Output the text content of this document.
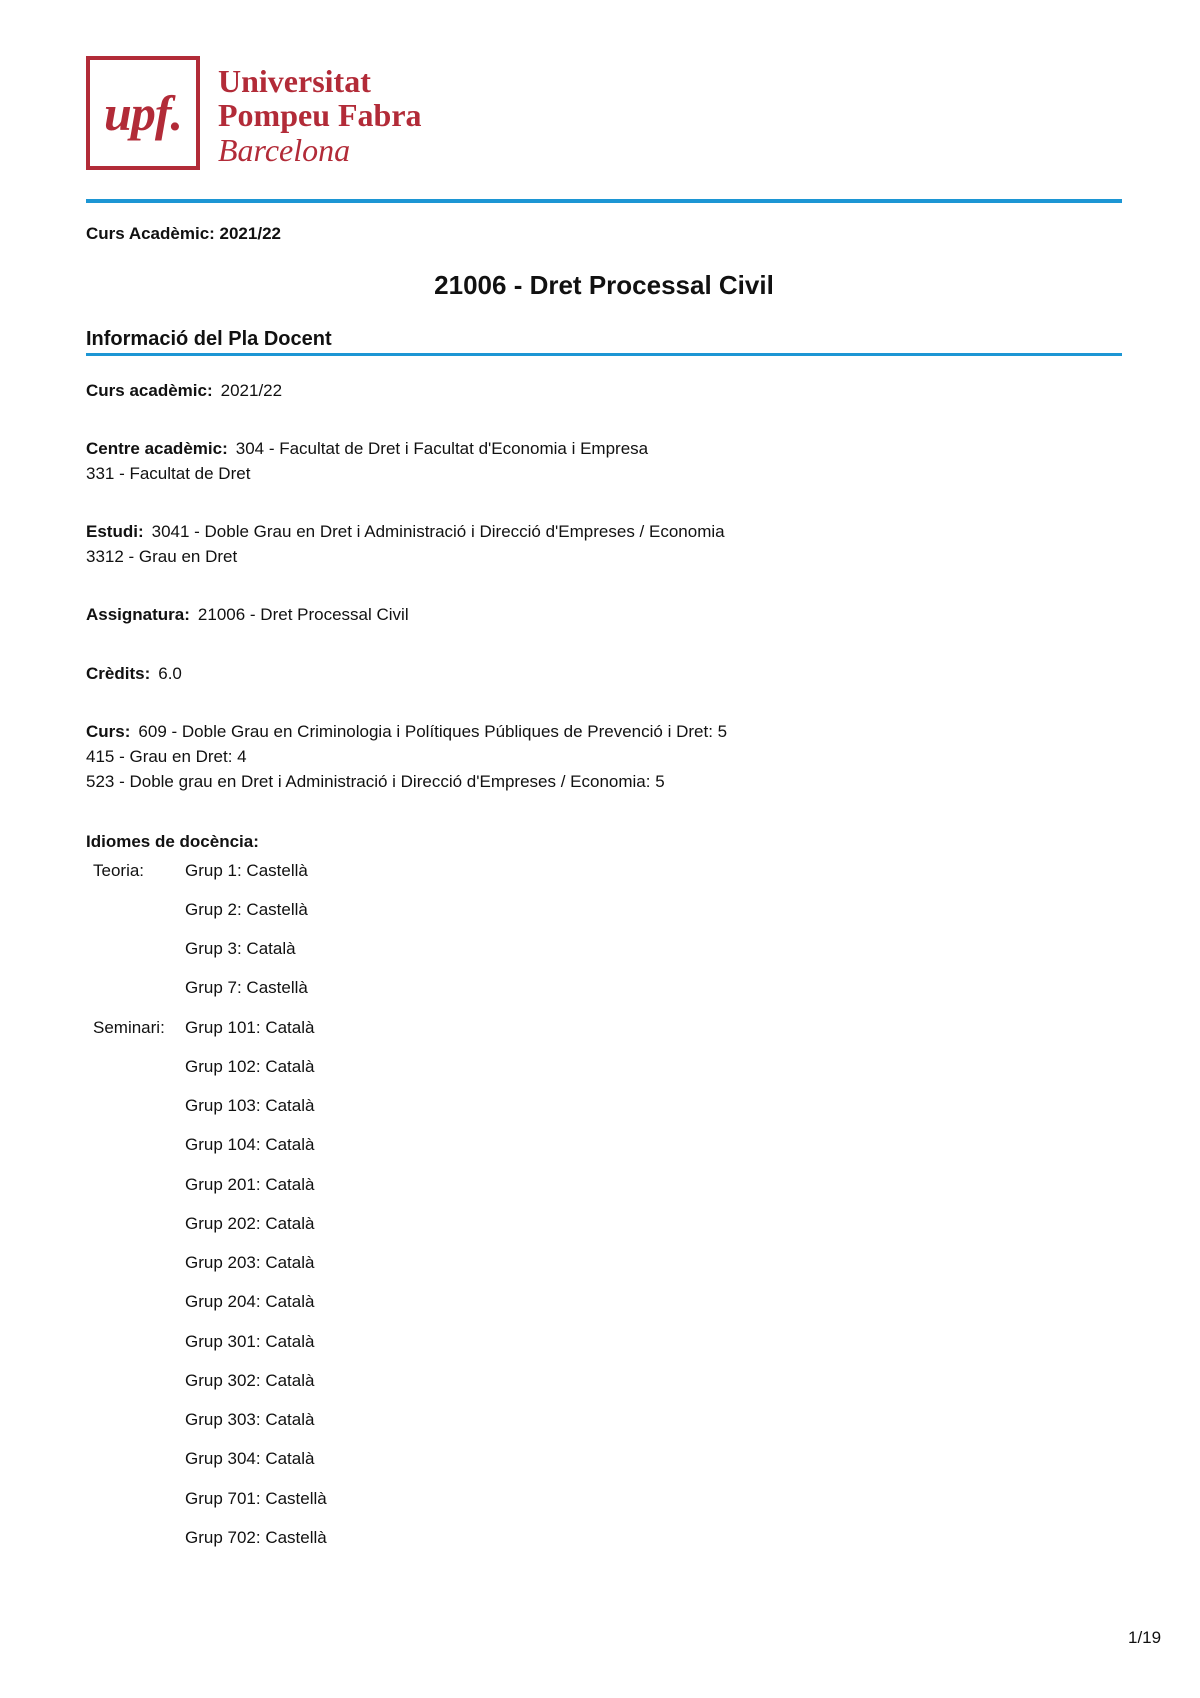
upf.
Universitat
Pompeu Fabra
Barcelona
Curs Acadèmic: 2021/22
21006 - Dret Processal Civil
Informació del Pla Docent
Curs acadèmic: 2021/22
Centre acadèmic: 304 - Facultat de Dret i Facultat d'Economia i Empresa
331 - Facultat de Dret
Estudi: 3041 - Doble Grau en Dret i Administració i Direcció d'Empreses / Economia
3312 - Grau en Dret
Assignatura: 21006 - Dret Processal Civil
Crèdits: 6.0
Curs: 609 - Doble Grau en Criminologia i Polítiques Públiques de Prevenció i Dret: 5
415 - Grau en Dret: 4
523 - Doble grau en Dret i Administració i Direcció d'Empreses / Economia: 5
Idiomes de docència:
Teoria:
Seminari:
Grup 1: Castellà
Grup 2: Castellà
Grup 3: Català
Grup 7: Castellà
Grup 101: Català
Grup 102: Català
Grup 103: Català
Grup 104: Català
Grup 201: Català
Grup 202: Català
Grup 203: Català
Grup 204: Català
Grup 301: Català
Grup 302: Català
Grup 303: Català
Grup 304: Català
Grup 701: Castellà
Grup 702: Castellà
1/19
